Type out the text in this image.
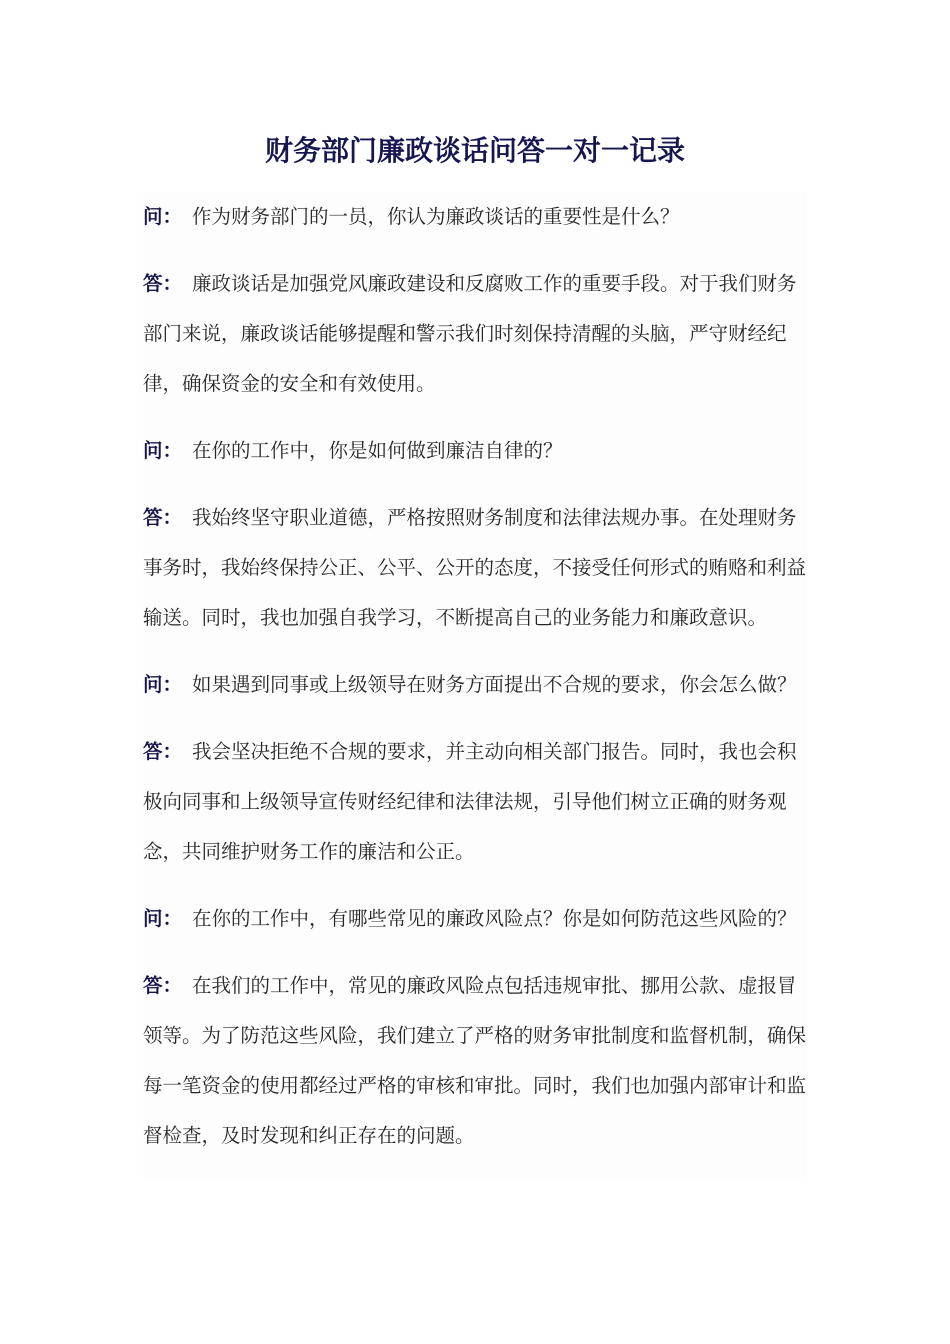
财务部门廉政谈话问答一对一记录

问： 作为财务部门的一员，你认为廉政谈话的重要性是什么？

答： 廉政谈话是加强党风廉政建设和反腐败工作的重要手段。对于我们财务部门来说，廉政谈话能够提醒和警示我们时刻保持清醒的头脑，严守财经纪律，确保资金的安全和有效使用。

问： 在你的工作中，你是如何做到廉洁自律的？

答： 我始终坚守职业道德，严格按照财务制度和法律法规办事。在处理财务事务时，我始终保持公正、公平、公开的态度，不接受任何形式的贿赂和利益输送。同时，我也加强自我学习，不断提高自己的业务能力和廉政意识。

问： 如果遇到同事或上级领导在财务方面提出不合规的要求，你会怎么做？

答： 我会坚决拒绝不合规的要求，并主动向相关部门报告。同时，我也会积极向同事和上级领导宣传财经纪律和法律法规，引导他们树立正确的财务观念，共同维护财务工作的廉洁和公正。

问： 在你的工作中，有哪些常见的廉政风险点？你是如何防范这些风险的？

答： 在我们的工作中，常见的廉政风险点包括违规审批、挪用公款、虚报冒领等。为了防范这些风险，我们建立了严格的财务审批制度和监督机制，确保每一笔资金的使用都经过严格的审核和审批。同时，我们也加强内部审计和监督检查，及时发现和纠正存在的问题。
